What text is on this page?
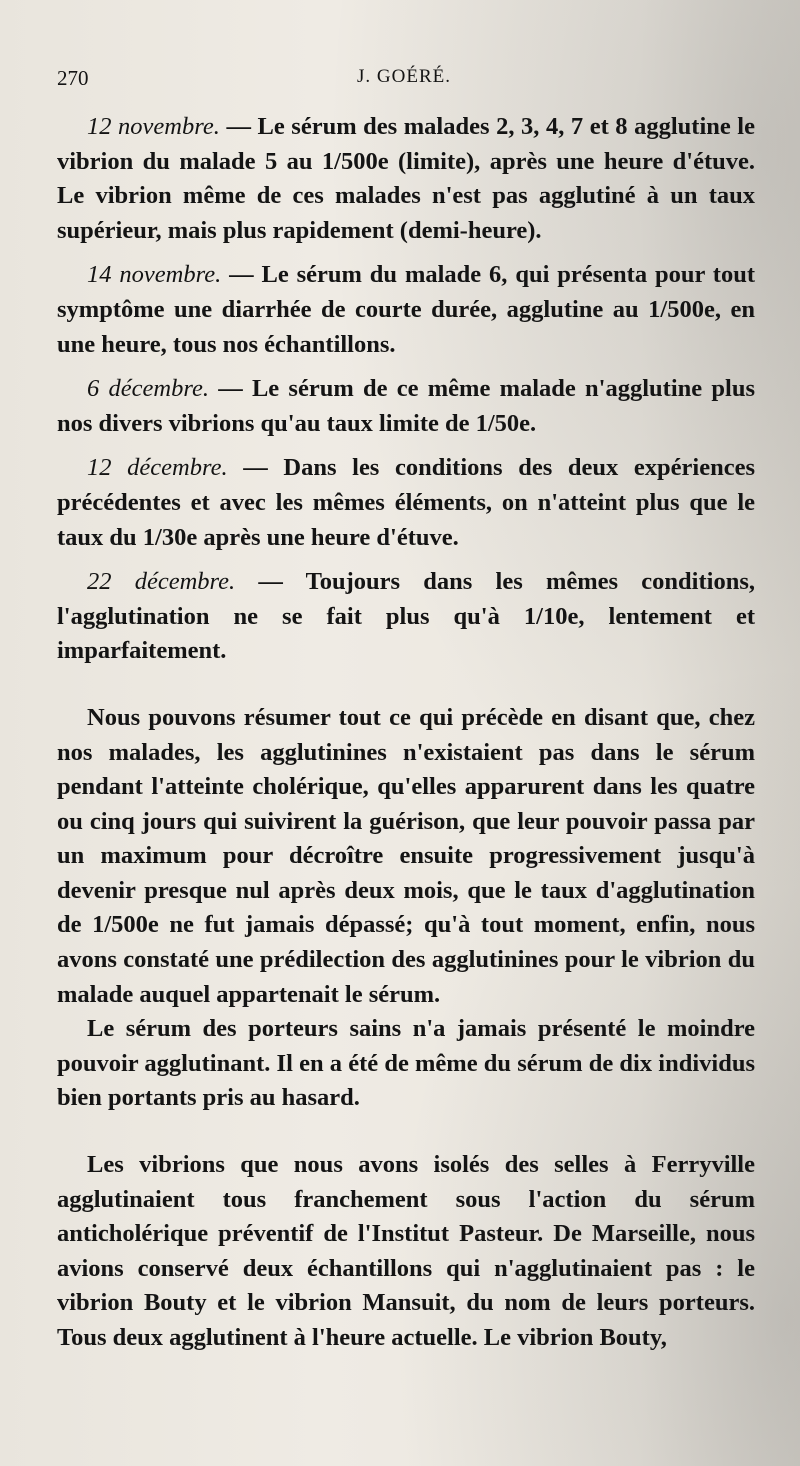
270	J. GOÉRÉ.

12 novembre. — Le sérum des malades 2, 3, 4, 7 et 8 agglutine le vibrion du malade 5 au 1/500e (limite), après une heure d'étuve. Le vibrion même de ces malades n'est pas agglutiné à un taux supérieur, mais plus rapidement (demi-heure).

14 novembre. — Le sérum du malade 6, qui présenta pour tout symptôme une diarrhée de courte durée, agglutine au 1/500e, en une heure, tous nos échantillons.

6 décembre. — Le sérum de ce même malade n'agglutine plus nos divers vibrions qu'au taux limite de 1/50e.

12 décembre. — Dans les conditions des deux expériences précédentes et avec les mêmes éléments, on n'atteint plus que le taux du 1/30e après une heure d'étuve.

22 décembre. — Toujours dans les mêmes conditions, l'agglutination ne se fait plus qu'à 1/10e, lentement et imparfaitement.

Nous pouvons résumer tout ce qui précède en disant que, chez nos malades, les agglutinines n'existaient pas dans le sérum pendant l'atteinte cholérique, qu'elles apparurent dans les quatre ou cinq jours qui suivirent la guérison, que leur pouvoir passa par un maximum pour décroître ensuite progressivement jusqu'à devenir presque nul après deux mois, que le taux d'agglutination de 1/500e ne fut jamais dépassé; qu'à tout moment, enfin, nous avons constaté une prédilection des agglutinines pour le vibrion du malade auquel appartenait le sérum.

Le sérum des porteurs sains n'a jamais présenté le moindre pouvoir agglutinant. Il en a été de même du sérum de dix individus bien portants pris au hasard.

Les vibrions que nous avons isolés des selles à Ferryville agglutinaient tous franchement sous l'action du sérum anticholérique préventif de l'Institut Pasteur. De Marseille, nous avions conservé deux échantillons qui n'agglutinaient pas : le vibrion Bouty et le vibrion Mansuit, du nom de leurs porteurs. Tous deux agglutinent à l'heure actuelle. Le vibrion Bouty,
